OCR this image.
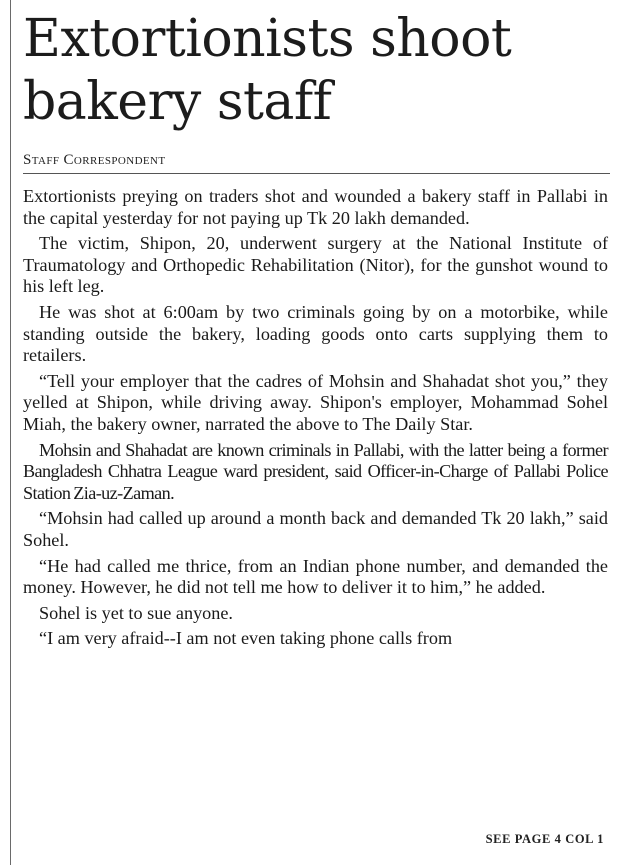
Extortionists shoot bakery staff
Staff Correspondent

Extortionists preying on traders shot and wounded a bakery staff in Pallabi in the capital yesterday for not paying up Tk 20 lakh demanded.

The victim, Shipon, 20, underwent surgery at the National Institute of Traumatology and Orthopedic Rehabilitation (Nitor), for the gunshot wound to his left leg.

He was shot at 6:00am by two criminals going by on a motorbike, while standing outside the bakery, loading goods onto carts supplying them to retailers.

“Tell your employer that the cadres of Mohsin and Shahadat shot you,” they yelled at Shipon, while driving away. Shipon's employer, Mohammad Sohel Miah, the bakery owner, narrated the above to The Daily Star.

Mohsin and Shahadat are known criminals in Pallabi, with the latter being a former Bangladesh Chhatra League ward president, said Officer-in-Charge of Pallabi Police Station Zia-uz-Zaman.

“Mohsin had called up around a month back and demanded Tk 20 lakh,” said Sohel.

“He had called me thrice, from an Indian phone number, and demanded the money. However, he did not tell me how to deliver it to him,” he added.

Sohel is yet to sue anyone.

“I am very afraid--I am not even taking phone calls from

SEE PAGE 4 COL 1
